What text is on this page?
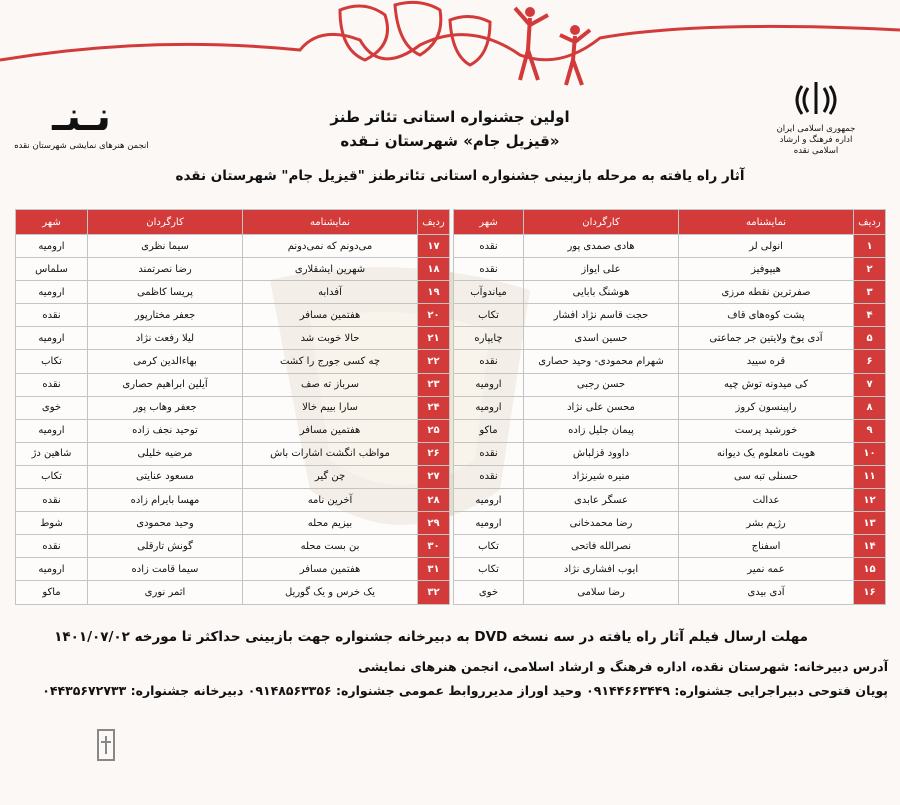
نـنـ
انجمن هنرهای نمایشی شهرستان نقده
جمهوری اسلامی ایران
اداره فرهنگ و ارشاد اسلامی نقده
اولین جشنواره استانی تئاتر طنز
«قیزیل جام» شهرستان نـقده
آثار راه یافته به مرحله بازبینی جشنواره استانی تئاترطنز "قیزیل جام" شهرستان نقده
ردیف	نمایشنامه	کارگردان	شهر		ردیف	نمایشنامه	کارگردان	شهر
۱	انولی لر	هادی صمدی پور	نقده		۱۷	می‌دونم که نمی‌دونم	سیما نظری	ارومیه
۲	هیپوفیز	علی ایواز	نقده		۱۸	شهرین ایشقلاری	رضا نصرتمند	سلماس
۳	صفرترین نقطه مرزی	هوشنگ بابایی	میاندوآب		۱۹	آفدابه	پریسا کاظمی	ارومیه
۴	پشت کوه‌های قاف	حجت قاسم نژاد افشار	تکاب		۲۰	هفتمین مسافر	جعفر مختارپور	نقده
۵	آدی یوخ ولایتین جر جماعتی	حسین اسدی	چایپاره		۲۱	حالا خوبت شد	لیلا رفعت نژاد	ارومیه
۶	قره سیید	شهرام محمودی- وحید حصاری	نقده		۲۲	چه کسی جورج را کشت	بهاءالدین کرمی	تکاب
۷	کی میدونه توش چیه	حسن رجبی	ارومیه		۲۳	سرباز ته صف	آیلین ابراهیم حصاری	نقده
۸	راپینسون کروز	محسن علی نژاد	ارومیه		۲۴	سارا بییم خالا	جعفر وهاب پور	خوی
۹	خورشید پرست	پیمان جلیل زاده	ماکو		۲۵	هفتمین مسافر	توحید نجف زاده	ارومیه
۱۰	هویت نامعلوم یک دیوانه	داوود قزلباش	نقده		۲۶	مواظب انگشت اشارات باش	مرضیه خلیلی	شاهین دژ
۱۱	حسنلی تبه سی	منیره شیرنژاد	نقده		۲۷	چن گیر	مسعود عنایتی	تکاب
۱۲	عدالت	عسگر عابدی	ارومیه		۲۸	آخرین نامه	مهسا بایرام زاده	نقده
۱۳	رژیم بشر	رضا محمدخانی	ارومیه		۲۹	بیزیم محله	وحید محمودی	شوط
۱۴	اسفناج	نصرالله فاتحی	تکاب		۳۰	بن بست محله	گونش تارقلی	نقده
۱۵	عمه نمیر	ایوب افشاری نژاد	تکاب		۳۱	هفتمین مسافر	سیما قامت زاده	ارومیه
۱۶	آدی بیدی	رضا سلامی	خوی		۳۲	یک خرس و یک گوریل	اثمر نوری	ماکو
مهلت ارسال فیلم آثار راه یافته در سه نسخه DVD به دبیرخانه جشنواره جهت بازبینی حداکثر تا مورخه ۱۴۰۱/۰۷/۰۲
آدرس دبیرخانه: شهرستان نقده، اداره فرهنگ و ارشاد اسلامی، انجمن هنرهای نمایشی
پویان فتوحی دبیراجرایی جشنواره: ۰۹۱۴۴۶۶۳۴۴۹ وحید اوراز مدیرروابط عمومی جشنواره: ۰۹۱۴۸۵۶۳۳۵۶ دبیرخانه جشنواره: ۰۴۴۳۵۶۷۲۷۳۳
